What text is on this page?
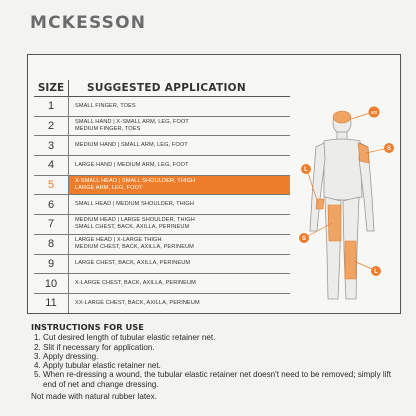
MCKESSON
SIZE	SUGGESTED APPLICATION
1	SMALL FINGER, TOES

2	SMALL HAND | X-SMALL ARM, LEG, FOOT
MEDIUM FINGER, TOES

3	MEDIUM HAND | SMALL ARM, LEG, FOOT

4	LARGE HAND | MEDIUM ARM, LEG, FOOT

5	X-SMALL HEAD | SMALL SHOULDER, THIGH
LARGE ARM, LEG, FOOT

6	SMALL HEAD | MEDIUM SHOULDER, THIGH

7	MEDIUM HEAD | LARGE SHOULDER, THIGH
SMALL CHEST, BACK, AXILLA, PERINEUM

8	LARGE HEAD | X-LARGE THIGH
MEDIUM CHEST, BACK, AXILLA, PERINEUM

9	LARGE CHEST, BACK, AXILLA, PERINEUM

10	X-LARGE CHEST, BACK, AXILLA, PERINEUM

11	XX-LARGE CHEST, BACK, AXILLA, PERINEUM
XS
S
L
S
L
INSTRUCTIONS FOR USE
1. Cut desired length of tubular elastic retainer net.
2. Slit if necessary for application.
3. Apply dressing.
4. Apply tubular elastic retainer net.
5. When re-dressing a wound, the tubular elastic retainer net doesn't need to be removed; simply lift end of net and change dressing.
Not made with natural rubber latex.
